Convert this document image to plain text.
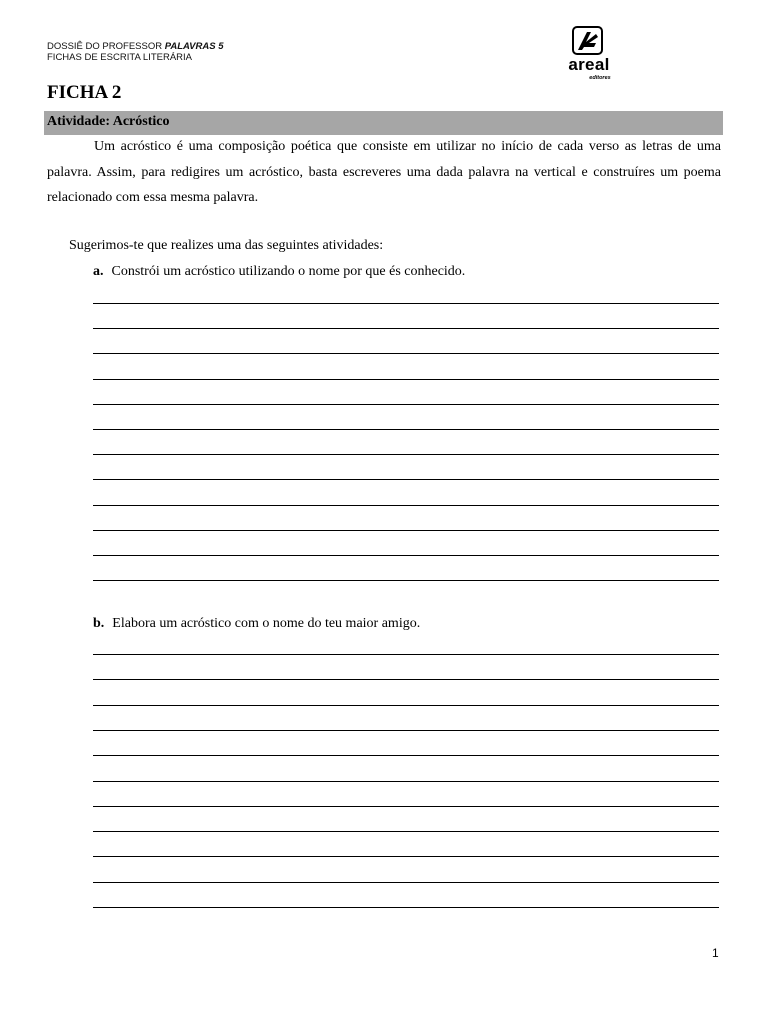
DOSSIÊ DO PROFESSOR PALAVRAS 5
FICHAS DE ESCRITA LITERÁRIA	areal
editores
FICHA 2
Atividade: Acróstico

Um acróstico é uma composição poética que consiste em utilizar no início de cada verso as letras de uma palavra. Assim, para redigires um acróstico, basta escreveres uma dada palavra na vertical e construíres um poema relacionado com essa mesma palavra.

Sugerimos-te que realizes uma das seguintes atividades:
a. Constrói um acróstico utilizando o nome por que és conhecido.
b. Elabora um acróstico com o nome do teu maior amigo.
1
